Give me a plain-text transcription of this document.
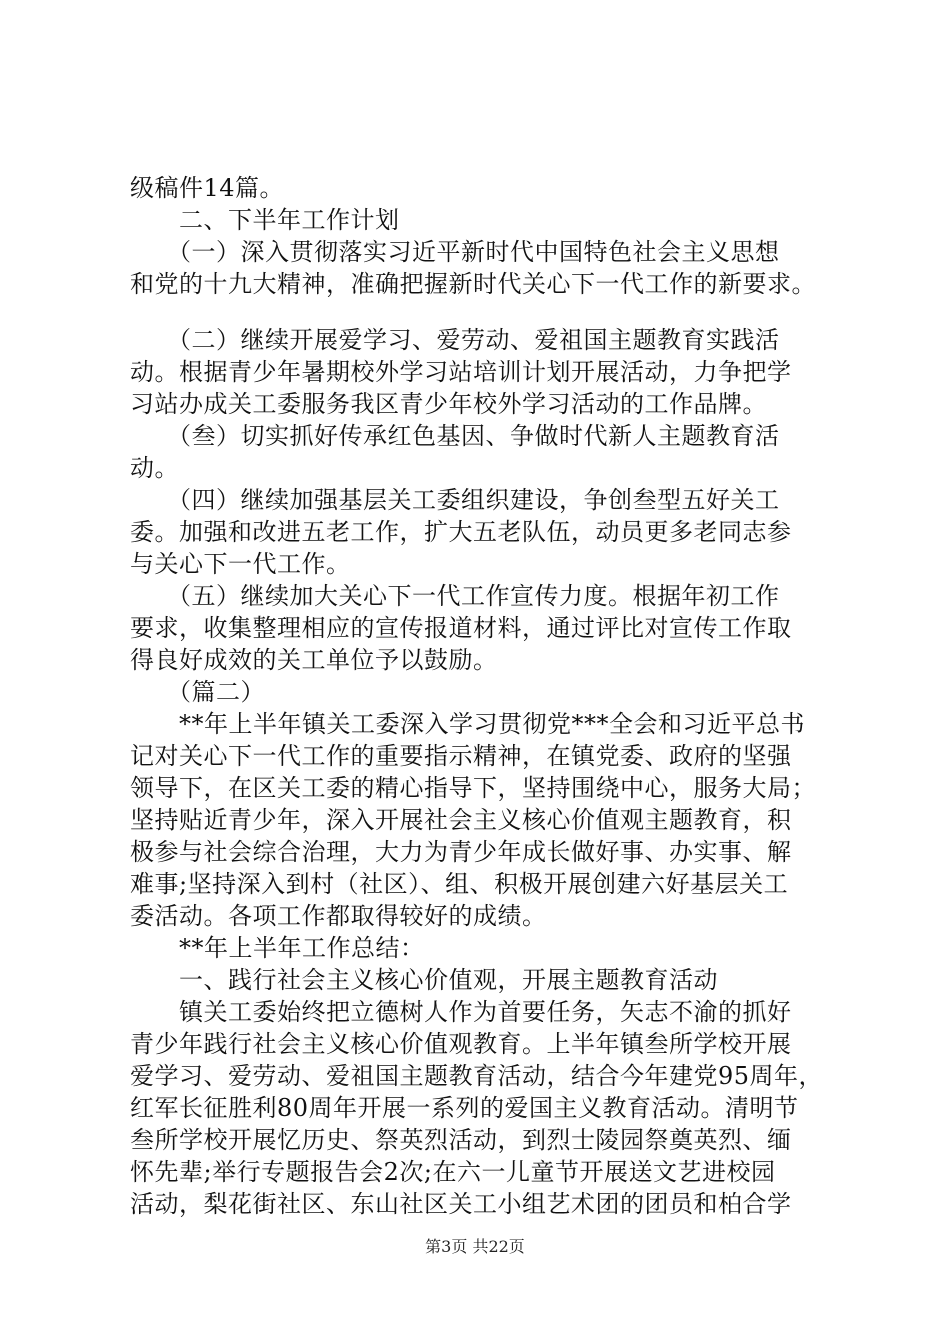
级稿件14篇。
　　二、下半年工作计划
　　（一）深入贯彻落实习近平新时代中国特色社会主义思想
和党的十九大精神，准确把握新时代关心下一代工作的新要求。

　　（二）继续开展爱学习、爱劳动、爱祖国主题教育实践活
动。根据青少年暑期校外学习站培训计划开展活动，力争把学
习站办成关工委服务我区青少年校外学习活动的工作品牌。
　　（叁）切实抓好传承红色基因、争做时代新人主题教育活
动。
　　（四）继续加强基层关工委组织建设，争创叁型五好关工
委。加强和改进五老工作，扩大五老队伍，动员更多老同志参
与关心下一代工作。
　　（五）继续加大关心下一代工作宣传力度。根据年初工作
要求，收集整理相应的宣传报道材料，通过评比对宣传工作取
得良好成效的关工单位予以鼓励。
　　（篇二）
　　**年上半年镇关工委深入学习贯彻党***全会和习近平总书
记对关心下一代工作的重要指示精神，在镇党委、政府的坚强
领导下，在区关工委的精心指导下，坚持围绕中心，服务大局；
坚持贴近青少年，深入开展社会主义核心价值观主题教育，积
极参与社会综合治理，大力为青少年成长做好事、办实事、解
难事;坚持深入到村（社区）、组、积极开展创建六好基层关工
委活动。各项工作都取得较好的成绩。
　　**年上半年工作总结：
　　一、践行社会主义核心价值观，开展主题教育活动
　　镇关工委始终把立德树人作为首要任务，矢志不渝的抓好
青少年践行社会主义核心价值观教育。上半年镇叁所学校开展
爱学习、爱劳动、爱祖国主题教育活动，结合今年建党95周年，
红军长征胜利80周年开展一系列的爱国主义教育活动。清明节
叁所学校开展忆历史、祭英烈活动，到烈士陵园祭奠英烈、缅
怀先辈;举行专题报告会2次;在六一儿童节开展送文艺进校园
活动，梨花街社区、东山社区关工小组艺术团的团员和柏合学
第3页 共22页
